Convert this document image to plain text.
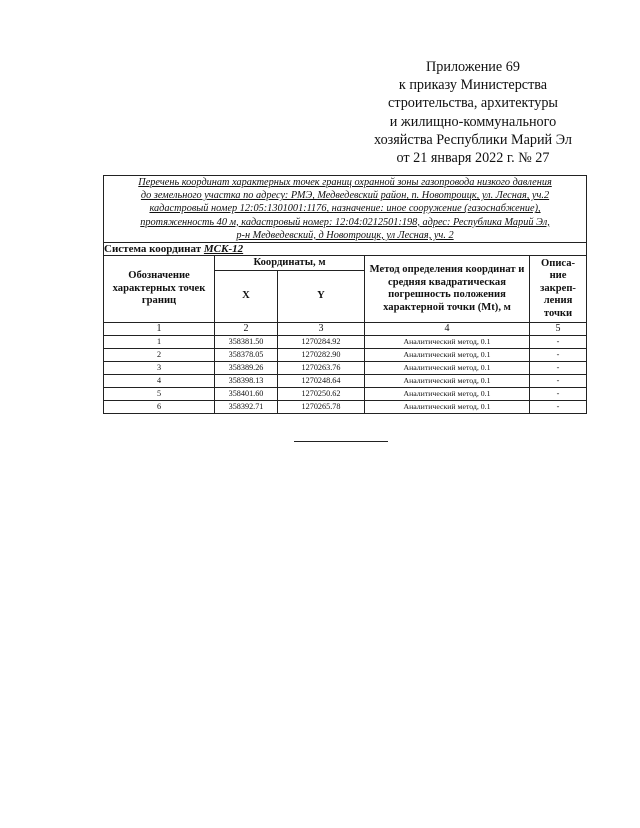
Приложение 69
к приказу Министерства
строительства, архитектуры
и жилищно-коммунального
хозяйства Республики Марий Эл
от 21 января 2022 г. № 27
Перечень координат характерных точек границ охранной зоны газопровода низкого давления
до земельного участка по адресу: РМЭ, Медведевский район, п. Новотроицк, ул. Лесная, уч.2
кадастровый номер 12:05:1301001:1176, назначение: иное сооружение (газоснабжение),
протяженность 40 м, кадастровый номер: 12:04:0212501:198, адрес: Республика Марий Эл,
р-н Медведевский, д Новотроицк, ул Лесная, уч. 2				

Система координат МСК-12				

Обозначение
характерных точек
границ	Координаты, м		Метод определения координат и
средняя квадратическая
погрешность положения
характерной точки (Mt), м	Описа-
ние
закреп-
ления
точки

	X	Y		
1	2	3	4	5
1	358381.50	1270284.92	Аналитический метод, 0.1	-
2	358378.05	1270282.90	Аналитический метод, 0.1	-
3	358389.26	1270263.76	Аналитический метод, 0.1	-
4	358398.13	1270248.64	Аналитический метод, 0.1	-
5	358401.60	1270250.62	Аналитический метод, 0.1	-
6	358392.71	1270265.78	Аналитический метод, 0.1	-
